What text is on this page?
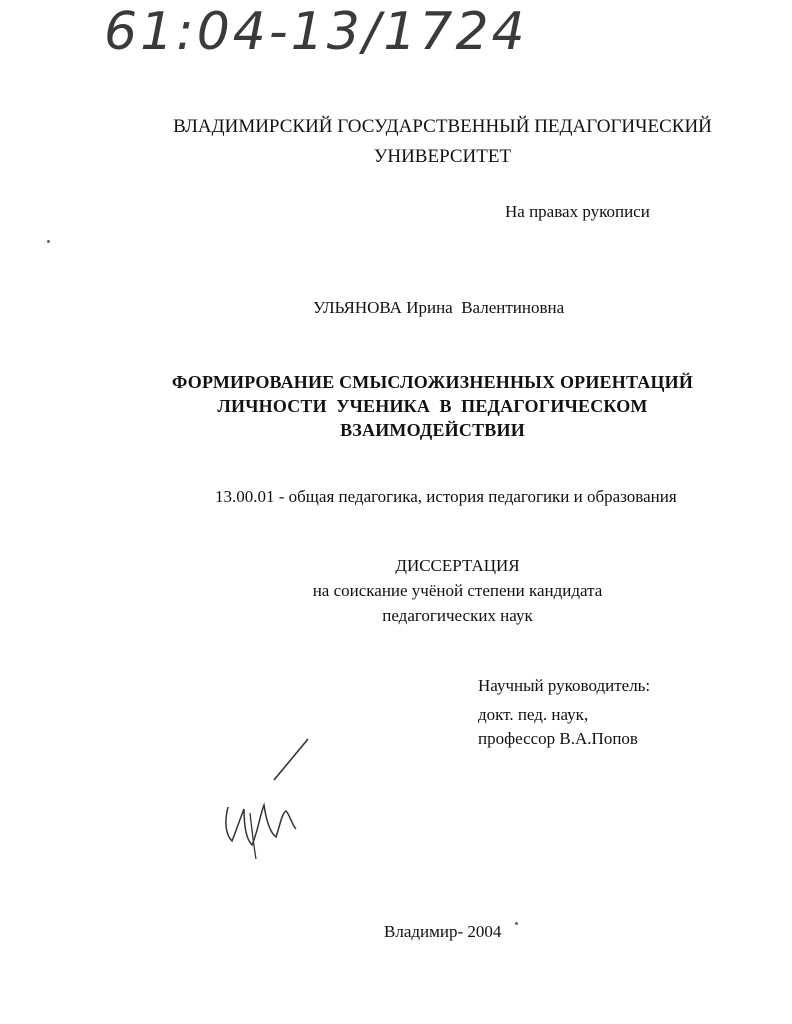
61:04-13/1724
ВЛАДИМИРСКИЙ ГОСУДАРСТВЕННЫЙ ПЕДАГОГИЧЕСКИЙ
УНИВЕРСИТЕТ
На правах рукописи
УЛЬЯНОВА Ирина  Валентиновна
ФОРМИРОВАНИЕ СМЫСЛОЖИЗНЕННЫХ ОРИЕНТАЦИЙ
ЛИЧНОСТИ  УЧЕНИКА  В  ПЕДАГОГИЧЕСКОМ
ВЗАИМОДЕЙСТВИИ
13.00.01 - общая педагогика, история педагогики и образования
ДИССЕРТАЦИЯ
на соискание учёной степени кандидата
педагогических наук
Научный руководитель:
докт. пед. наук,
профессор В.А.Попов
Владимир- 2004
